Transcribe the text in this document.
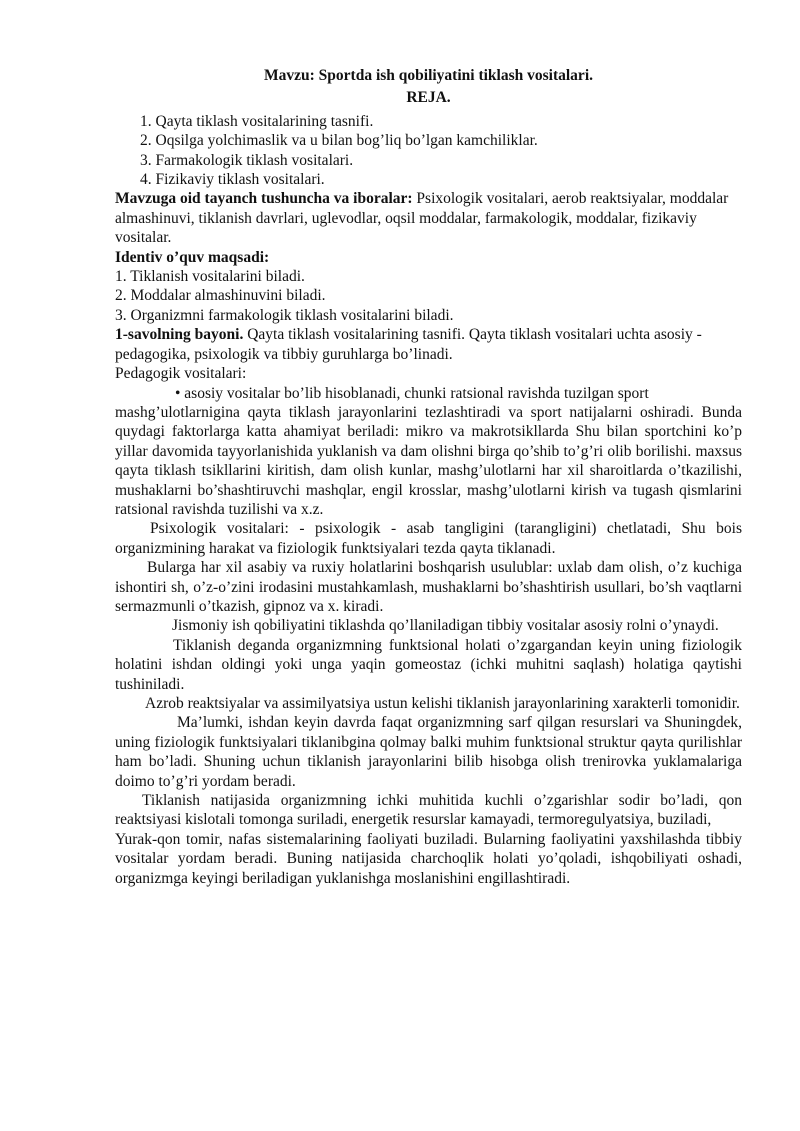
Mavzu: Sportda ish qobiliyatini tiklash vositalari.
REJA.
1. Qayta tiklash vositalarining tasnifi.
2. Oqsilga yolchimaslik va u bilan bog’liq bo’lgan kamchiliklar.
3. Farmakologik tiklash vositalari.
4. Fizikaviy tiklash vositalari.
Mavzuga oid tayanch tushuncha va iboralar: Psixologik vositalari, aerob reaktsiyalar, moddalar almashinuvi, tiklanish davrlari, uglevodlar, oqsil moddalar, farmakologik, moddalar, fizikaviy vositalar.
Identiv o’quv maqsadi:
1. Tiklanish vositalarini biladi.
2. Moddalar almashinuvini biladi.
3. Organizmni farmakologik tiklash vositalarini biladi.
1-savolning bayoni. Qayta tiklash vositalarining tasnifi. Qayta tiklash vositalari uchta asosiy - pedagogika, psixologik va tibbiy guruhlarga bo’linadi.
Pedagogik vositalari:
• asosiy vositalar bo’lib hisoblanadi, chunki ratsional ravishda tuzilgan sport
mashg’ulotlarnigina qayta tiklash jarayonlarini tezlashtiradi va sport natijalarni oshiradi. Bunda quydagi faktorlarga katta ahamiyat beriladi: mikro va makrotsikllarda Shu bilan sportchini ko’p yillar davomida tayyorlanishida yuklanish va dam olishni birga qo’shib to’g’ri olib borilishi. maxsus qayta tiklash tsikllarini kiritish, dam olish kunlar, mashg’ulotlarni har xil sharoitlarda o’tkazilishi, mushaklarni bo’shashtiruvchi mashqlar, engil krosslar, mashg’ulotlarni kirish va tugash qismlarini ratsional ravishda tuzilishi va x.z.
Psixologik vositalari: - psixologik - asab tangligini (tarangligini) chetlatadi, Shu bois organizmining harakat va fiziologik funktsiyalari tezda qayta tiklanadi.
Bularga har xil asabiy va ruxiy holatlarini boshqarish usulublar: uxlab dam olish, o’z kuchiga ishontiri sh, o’z-o’zini irodasini mustahkamlash, mushaklarni bo’shashtirish usullari, bo’sh vaqtlarni sermazmunli o’tkazish, gipnoz va x. kiradi.
Jismoniy ish qobiliyatini tiklashda qo’llaniladigan tibbiy vositalar asosiy rolni o’ynaydi.
Tiklanish deganda organizmning funktsional holati o’zgargandan keyin uning fiziologik holatini ishdan oldingi yoki unga yaqin gomeostaz (ichki muhitni saqlash) holatiga qaytishi tushiniladi.
Azrob reaktsiyalar va assimilyatsiya ustun kelishi tiklanish jarayonlarining xarakterli tomonidir.
Ma’lumki, ishdan keyin davrda faqat organizmning sarf qilgan resurslari va Shuningdek, uning fiziologik funktsiyalari tiklanibgina qolmay balki muhim funktsional struktur qayta qurilishlar ham bo’ladi. Shuning uchun tiklanish jarayonlarini bilib hisobga olish trenirovka yuklamalariga doimo to’g’ri yordam beradi.
Tiklanish natijasida organizmning ichki muhitida kuchli o’zgarishlar sodir bo’ladi, qon reaktsiyasi kislotali tomonga suriladi, energetik resurslar kamayadi, termoregulyatsiya, buziladi,
Yurak-qon tomir, nafas sistemalarining faoliyati buziladi. Bularning faoliyatini yaxshilashda tibbiy vositalar yordam beradi. Buning natijasida charchoqlik holati yo’qoladi, ishqobiliyati oshadi, organizmga keyingi beriladigan yuklanishga moslanishini engillashtiradi.
